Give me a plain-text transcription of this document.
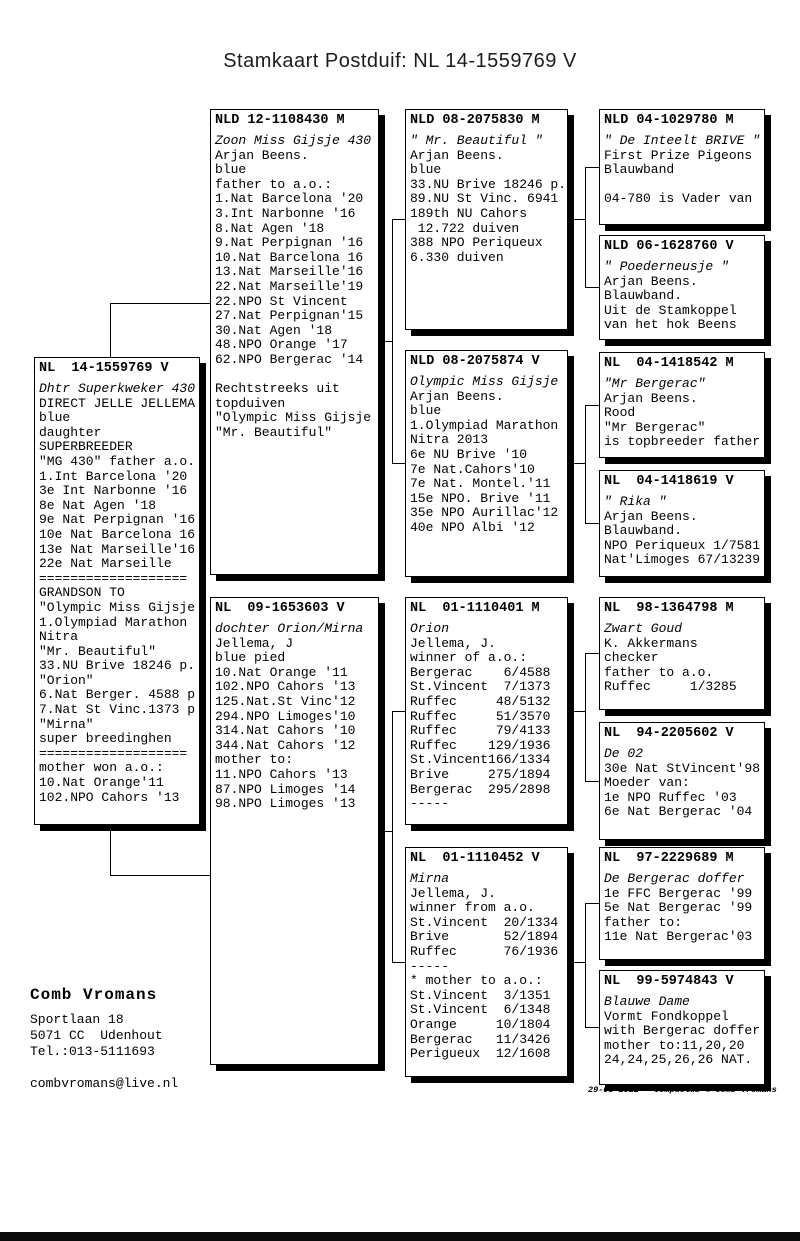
Stamkaart Postduif: NL 14-1559769 V
NL  14-1559769 V
Dhtr Superkweker 430
DIRECT JELLE JELLEMA
blue
daughter
SUPERBREEDER
"MG 430" father a.o.
1.Int Barcelona '20
3e Int Narbonne '16
8e Nat Agen '18
9e Nat Perpignan '16
10e Nat Barcelona 16
13e Nat Marseille'16
22e Nat Marseille
===================
GRANDSON TO
"Olympic Miss Gijsje
1.Olympiad Marathon
Nitra
"Mr. Beautiful"
33.NU Brive 18246 p.
"Orion"
6.Nat Berger. 4588 p
7.Nat St Vinc.1373 p
"Mirna"
super breedinghen
===================
mother won a.o.:
10.Nat Orange'11
102.NPO Cahors '13
NLD 12-1108430 M
Zoon Miss Gijsje 430
Arjan Beens.
blue
father to a.o.:
1.Nat Barcelona '20
3.Int Narbonne '16
8.Nat Agen '18
9.Nat Perpignan '16
10.Nat Barcelona 16
13.Nat Marseille'16
22.Nat Marseille'19
22.NPO St Vincent
27.Nat Perpignan'15
30.Nat Agen '18
48.NPO Orange '17
62.NPO Bergerac '14

Rechtstreeks uit
topduiven
"Olympic Miss Gijsje
"Mr. Beautiful"
NL  09-1653603 V
dochter Orion/Mirna
Jellema, J
blue pied
10.Nat Orange '11
102.NPO Cahors '13
125.Nat.St Vinc'12
294.NPO Limoges'10
314.Nat Cahors '10
344.Nat Cahors '12
mother to:
11.NPO Cahors '13
87.NPO Limoges '14
98.NPO Limoges '13
NLD 08-2075830 M
" Mr. Beautiful "
Arjan Beens.
blue
33.NU Brive 18246 p.
89.NU St Vinc. 6941
189th NU Cahors
12.722 duiven
388 NPO Periqueux
6.330 duiven
NLD 08-2075874 V
Olympic Miss Gijsje
Arjan Beens.
blue
1.Olympiad Marathon
Nitra 2013
6e NU Brive '10
7e Nat.Cahors'10
7e Nat. Montel.'11
15e NPO. Brive '11
35e NPO Aurillac'12
40e NPO Albi '12
NL  01-1110401 M
Orion
Jellema, J.
winner of a.o.:
Bergerac    6/4588
St.Vincent  7/1373
Ruffec     48/5132
Ruffec     51/3570
Ruffec     79/4133
Ruffec    129/1936
St.Vincent166/1334
Brive     275/1894
Bergerac  295/2898
-----
NL  01-1110452 V
Mirna
Jellema, J.
winner from a.o.
St.Vincent  20/1334
Brive       52/1894
Ruffec      76/1936
-----
* mother to a.o.:
St.Vincent  3/1351
St.Vincent  6/1348
Orange     10/1804
Bergerac   11/3426
Perigueux  12/1608
NLD 04-1029780 M
" De Inteelt BRIVE "
First Prize Pigeons
Blauwband

04-780 is Vader van
NLD 06-1628760 V
" Poederneusje "
Arjan Beens.
Blauwband.
Uit de Stamkoppel
van het hok Beens
NL  04-1418542 M
"Mr Bergerac"
Arjan Beens.
Rood
"Mr Bergerac"
is topbreeder father
NL  04-1418619 V
" Rika "
Arjan Beens.
Blauwband.
NPO Periqueux 1/7581
Nat'Limoges 67/13239
NL  98-1364798 M
Zwart Goud
K. Akkermans
checker
father to a.o.
Ruffec     1/3285
NL  94-2205602 V
De 02
30e Nat StVincent'98
Moeder van:
1e NPO Ruffec '03
6e Nat Bergerac '04
NL  97-2229689 M
De Bergerac doffer
1e FFC Bergerac '99
5e Nat Bergerac '99
father to:
11e Nat Bergerac'03
NL  99-5974843 V
Blauwe Dame
Vormt Fondkoppel
with Bergerac doffer
mother to:11,20,20
24,24,25,26,26 NAT.
Comb Vromans
Sportlaan 18
5071 CC  Udenhout
Tel.:013-5111693
combvromans@live.nl	29-03-2022   Compuclub © Comb Vromans
